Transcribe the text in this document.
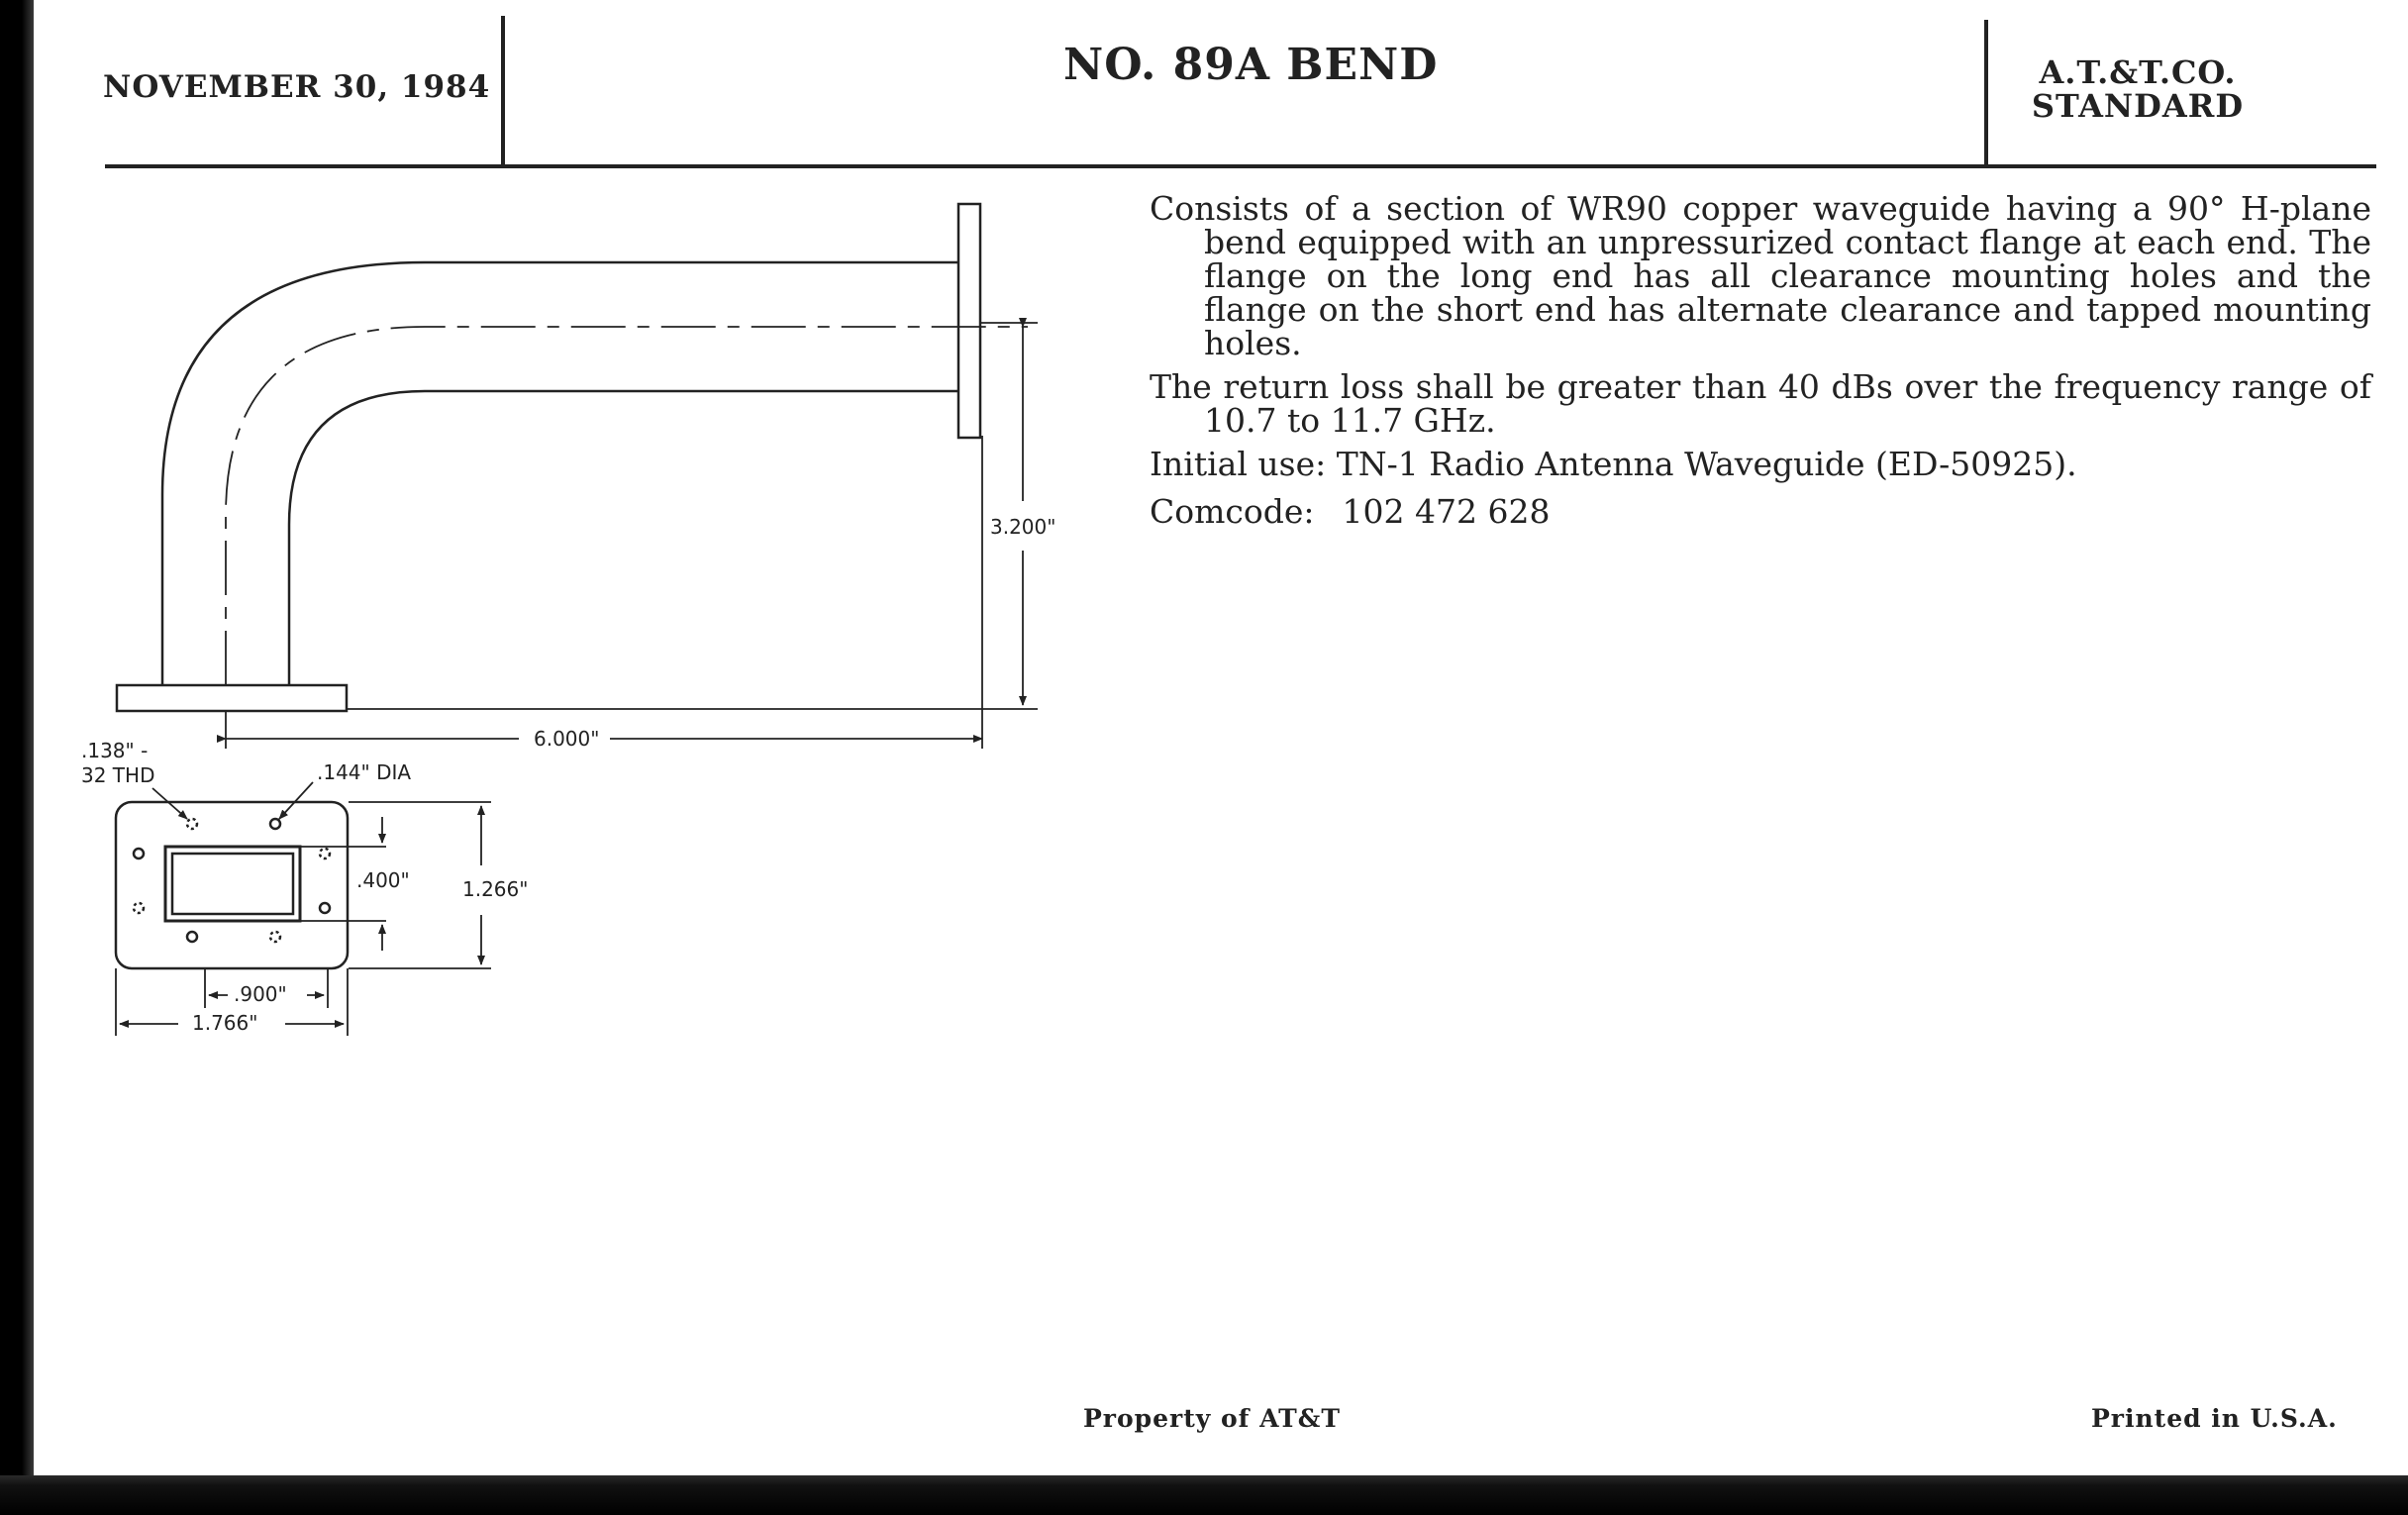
NOVEMBER 30, 1984	NO. 89A BEND	A.T.&T.CO.
STANDARD

Consists of a section of WR90 copper waveguide having a 90° H-plane bend equipped with an unpressurized contact flange at each end. The flange on the long end has all clearance mounting holes and the flange on the short end has alternate clearance and tapped mounting holes.

The return loss shall be greater than 40 dBs over the frequency range of 10.7 to 11.7 GHz.

Initial use: TN-1 Radio Antenna Waveguide (ED-50925).

Comcode: 102 472 628

3.200"
6.000"
.138" -
32 THD	.144" DIA
.400"	1.266"
.900"
1.766"
Property of AT&T	Printed in U.S.A.
